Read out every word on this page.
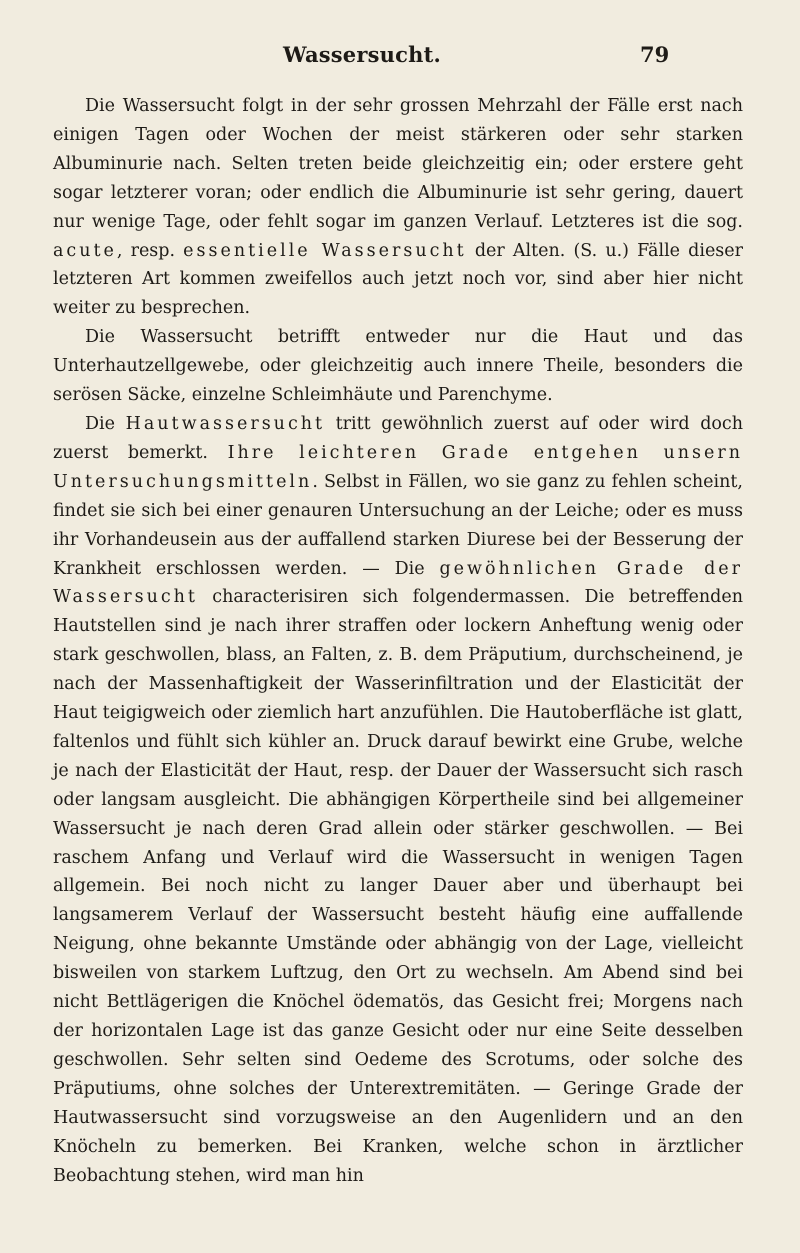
Wassersucht.	79

Die Wassersucht folgt in der sehr grossen Mehrzahl der Fälle erst nach einigen Tagen oder Wochen der meist stärkeren oder sehr starken Albuminurie nach. Selten treten beide gleichzeitig ein; oder erstere geht sogar letzterer voran; oder endlich die Albuminurie ist sehr gering, dauert nur wenige Tage, oder fehlt sogar im ganzen Verlauf. Letzteres ist die sog. acute, resp. essentielle Wassersucht der Alten. (S. u.) Fälle dieser letzteren Art kommen zweifellos auch jetzt noch vor, sind aber hier nicht weiter zu besprechen.

Die Wassersucht betrifft entweder nur die Haut und das Unterhautzellgewebe, oder gleichzeitig auch innere Theile, besonders die serösen Säcke, einzelne Schleimhäute und Parenchyme.

Die Hautwassersucht tritt gewöhnlich zuerst auf oder wird doch zuerst bemerkt. Ihre leichteren Grade entgehen unsern Untersuchungsmitteln. Selbst in Fällen, wo sie ganz zu fehlen scheint, findet sie sich bei einer genauren Untersuchung an der Leiche; oder es muss ihr Vorhandeusein aus der auffallend starken Diurese bei der Besserung der Krankheit erschlossen werden. — Die gewöhnlichen Grade der Wassersucht characterisiren sich folgendermassen. Die betreffenden Hautstellen sind je nach ihrer straffen oder lockern Anheftung wenig oder stark geschwollen, blass, an Falten, z. B. dem Präputium, durchscheinend, je nach der Massenhaftigkeit der Wasserinfiltration und der Elasticität der Haut teigigweich oder ziemlich hart anzufühlen. Die Hautoberfläche ist glatt, faltenlos und fühlt sich kühler an. Druck darauf bewirkt eine Grube, welche je nach der Elasticität der Haut, resp. der Dauer der Wassersucht sich rasch oder langsam ausgleicht. Die abhängigen Körpertheile sind bei allgemeiner Wassersucht je nach deren Grad allein oder stärker geschwollen. — Bei raschem Anfang und Verlauf wird die Wassersucht in wenigen Tagen allgemein. Bei noch nicht zu langer Dauer aber und überhaupt bei langsamerem Verlauf der Wassersucht besteht häufig eine auffallende Neigung, ohne bekannte Umstände oder abhängig von der Lage, vielleicht bisweilen von starkem Luftzug, den Ort zu wechseln. Am Abend sind bei nicht Bettlägerigen die Knöchel ödematös, das Gesicht frei; Morgens nach der horizontalen Lage ist das ganze Gesicht oder nur eine Seite desselben geschwollen. Sehr selten sind Oedeme des Scrotums, oder solche des Präputiums, ohne solches der Unterextremitäten. — Geringe Grade der Hautwassersucht sind vorzugsweise an den Augenlidern und an den Knöcheln zu bemerken. Bei Kranken, welche schon in ärztlicher Beobachtung stehen, wird man hin
